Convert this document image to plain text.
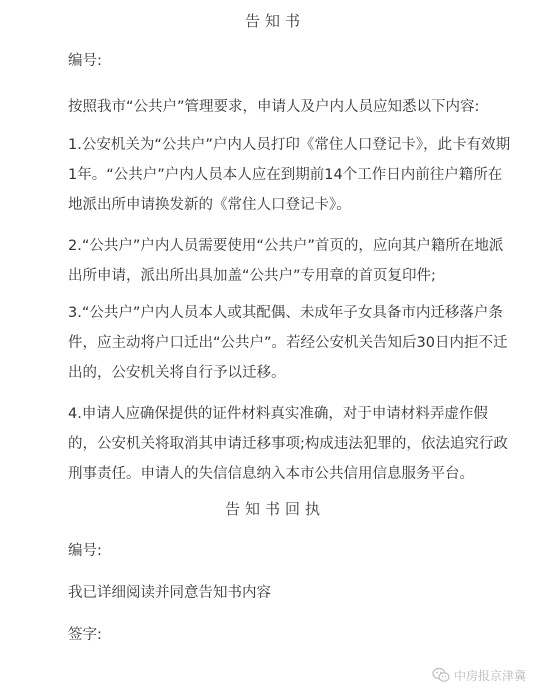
告知书
编号:
按照我市“公共户”管理要求，申请人及户内人员应知悉以下内容:
1.公安机关为“公共户”户内人员打印《常住人口登记卡》，此卡有效期1年。“公共户”户内人员本人应在到期前14个工作日内前往户籍所在地派出所申请换发新的《常住人口登记卡》。
2.“公共户”户内人员需要使用“公共户”首页的，应向其户籍所在地派出所申请，派出所出具加盖“公共户”专用章的首页复印件;
3.“公共户”户内人员本人或其配偶、未成年子女具备市内迁移落户条件，应主动将户口迁出“公共户”。若经公安机关告知后30日内拒不迁出的，公安机关将自行予以迁移。
4.申请人应确保提供的证件材料真实准确，对于申请材料弄虚作假的，公安机关将取消其申请迁移事项;构成违法犯罪的，依法追究行政刑事责任。申请人的失信信息纳入本市公共信用信息服务平台。
告知书回执
编号:
我已详细阅读并同意告知书内容
签字:
中房报京津冀
